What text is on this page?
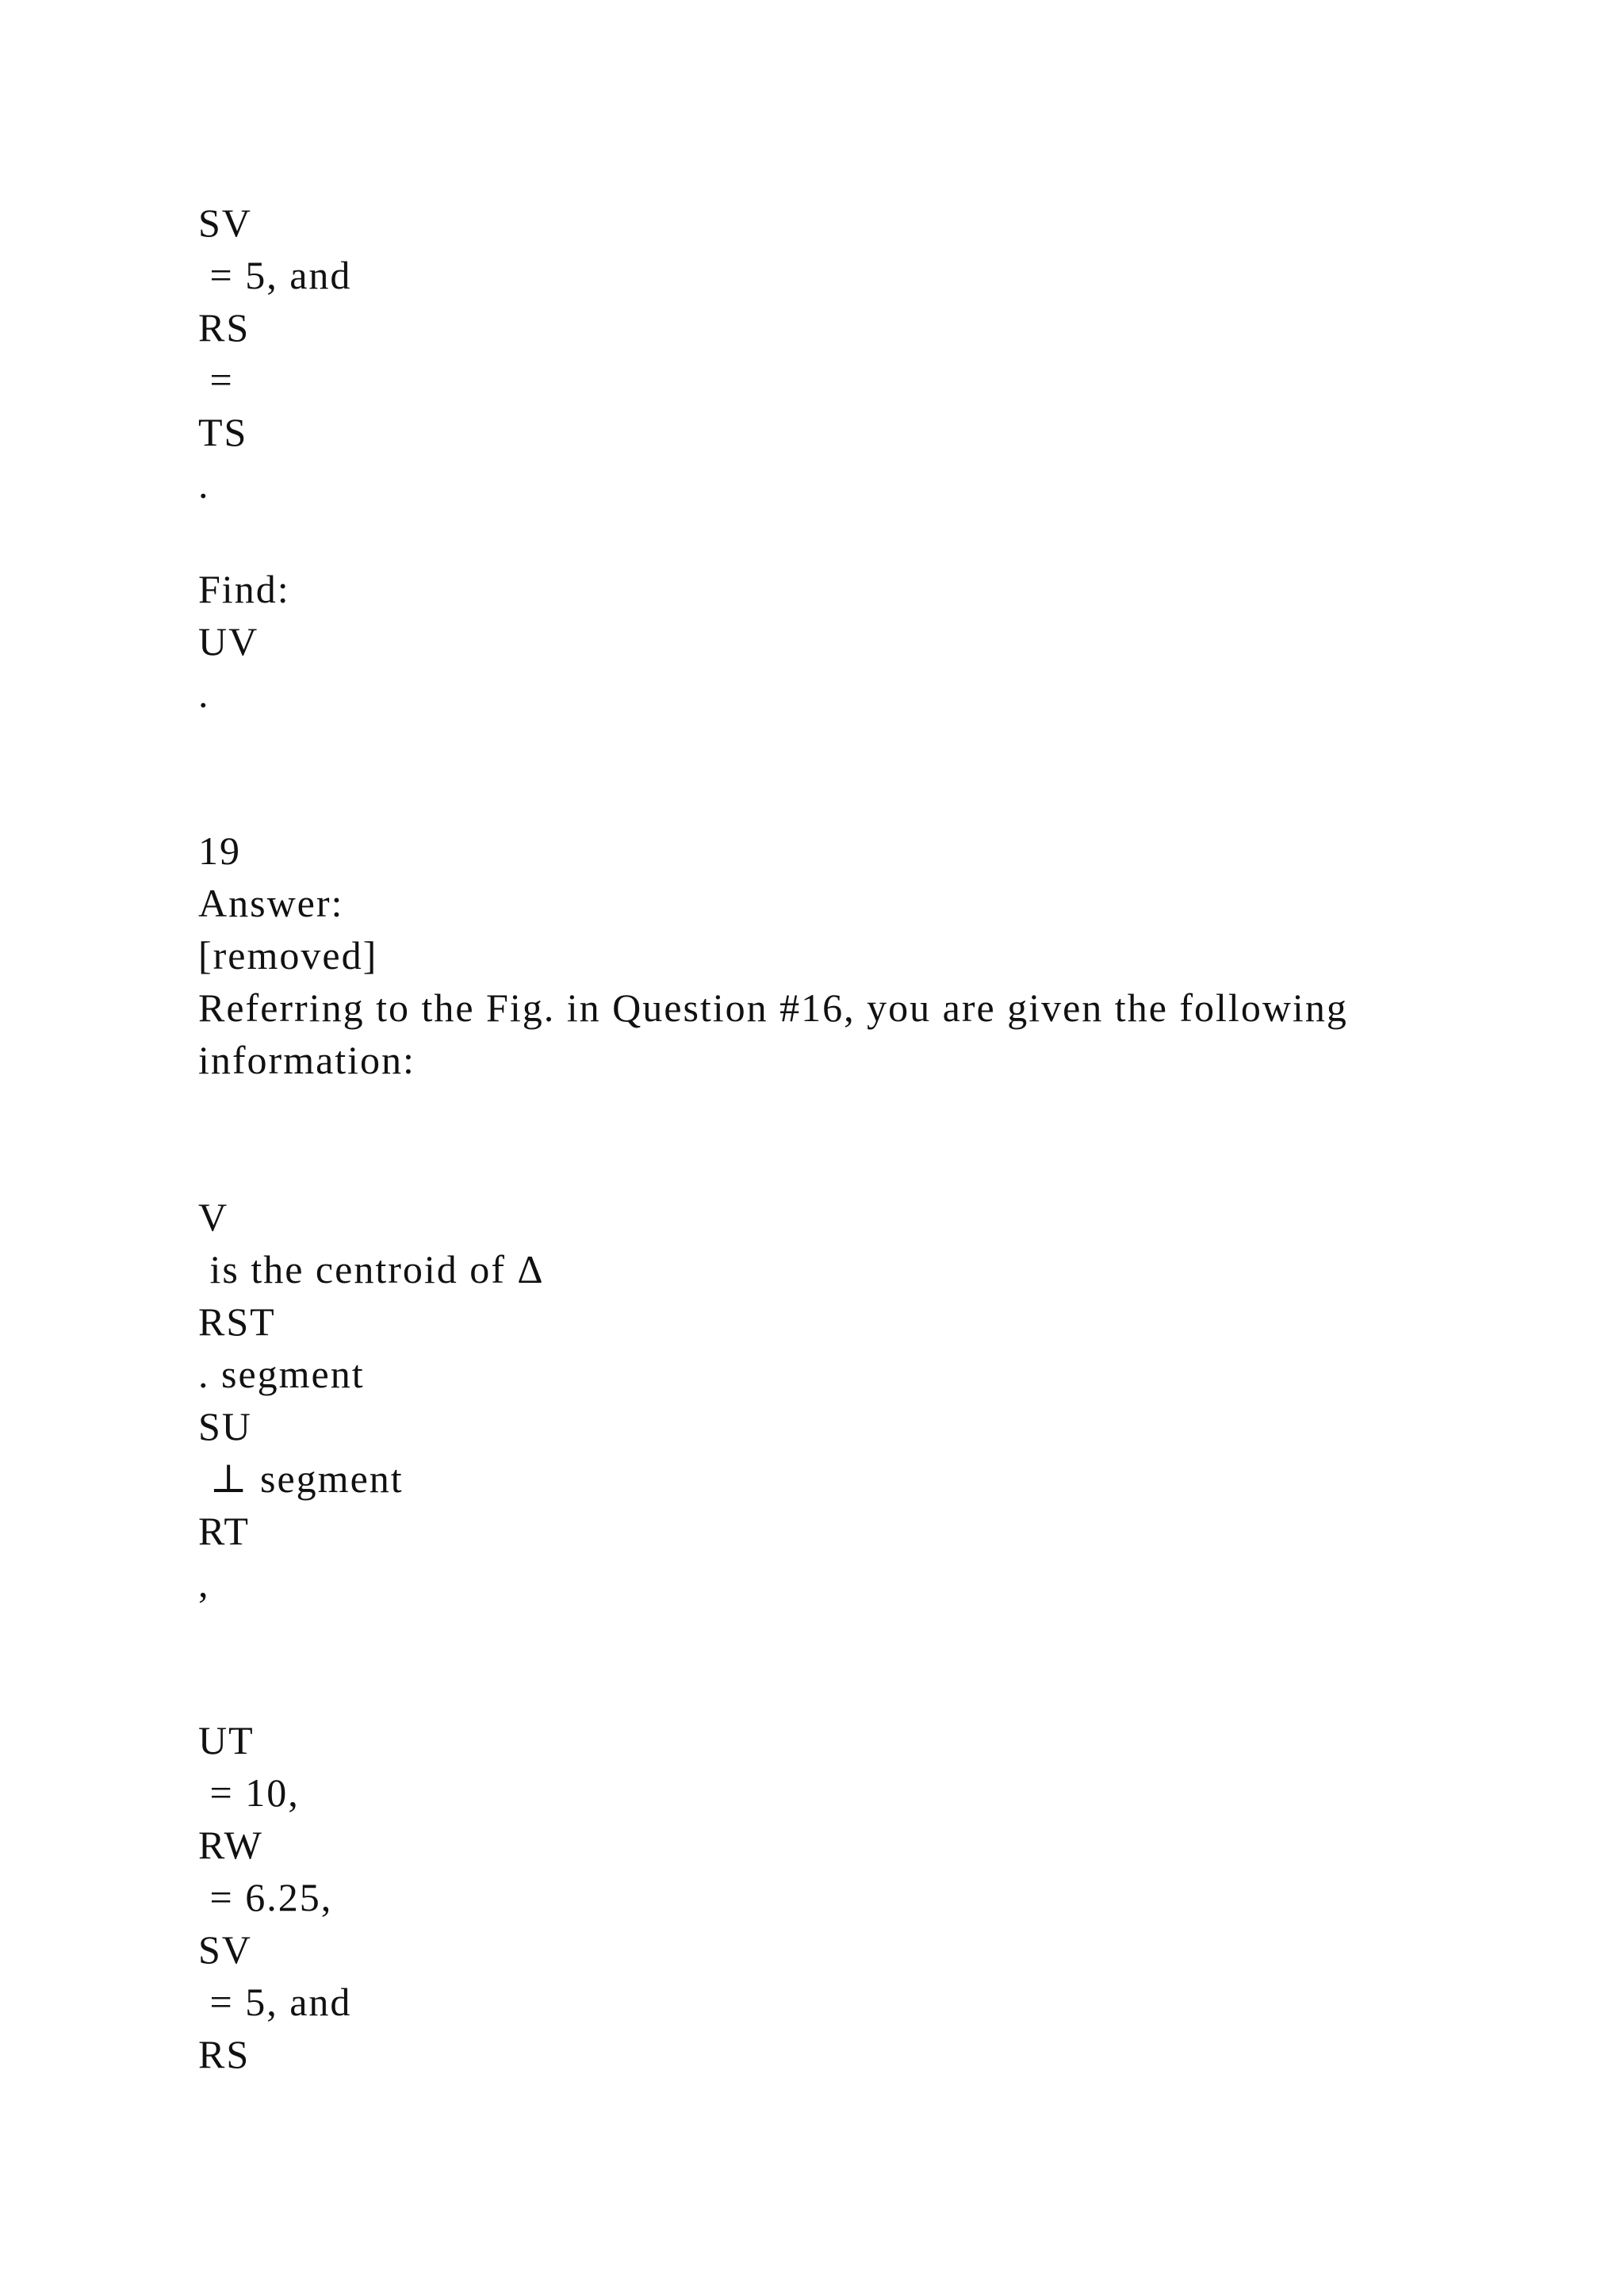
SV
= 5, and
RS
=
TS
.
Find:
UV
.
19
Answer:
[removed]
Referring to the Fig. in Question #16, you are given the following information:
V
is the centroid of Δ
RST
. segment
SU
⊥ segment
RT
,
UT
= 10,
RW
= 6.25,
SV
= 5, and
RS
